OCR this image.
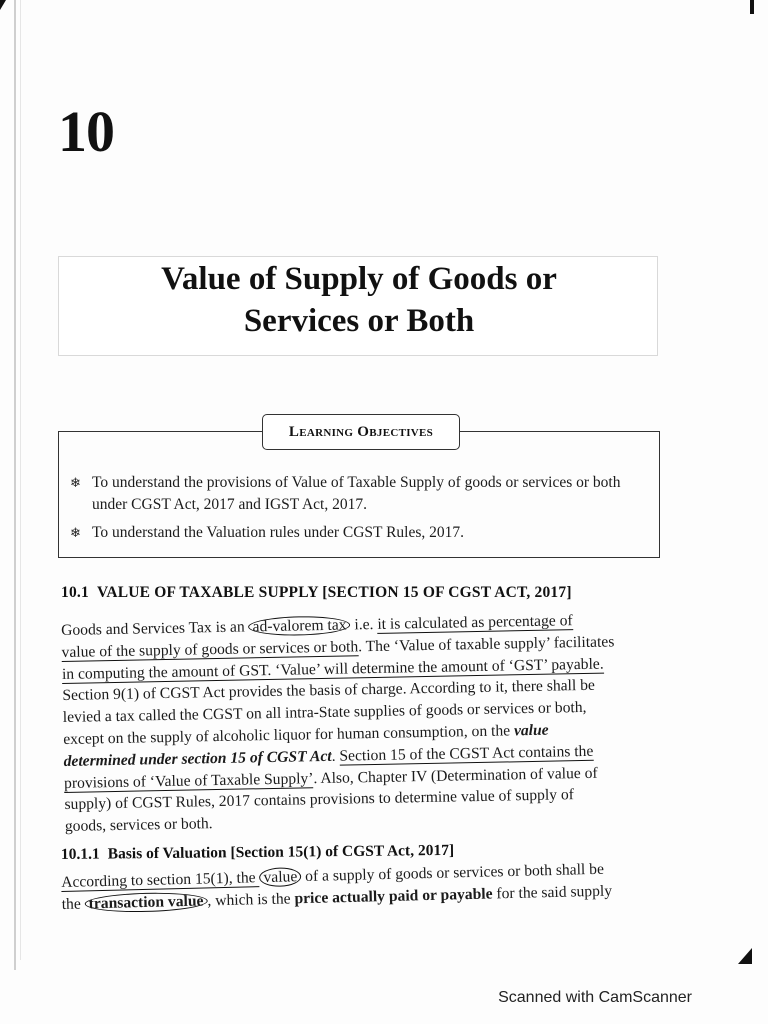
10
Value of Supply of Goods or
Services or Both
Learning Objectives
❄ To understand the provisions of Value of Taxable Supply of goods or services or both under CGST Act, 2017 and IGST Act, 2017.
❄ To understand the Valuation rules under CGST Rules, 2017.
10.1 VALUE OF TAXABLE SUPPLY [SECTION 15 OF CGST ACT, 2017]
Goods and Services Tax is an ad-valorem tax i.e. it is calculated as percentage of
value of the supply of goods or services or both. The ‘Value of taxable supply’ facilitates
in computing the amount of GST. ‘Value’ will determine the amount of ‘GST’ payable.
Section 9(1) of CGST Act provides the basis of charge. According to it, there shall be
levied a tax called the CGST on all intra-State supplies of goods or services or both,
except on the supply of alcoholic liquor for human consumption, on the value
determined under section 15 of CGST Act. Section 15 of the CGST Act contains the
provisions of ‘Value of Taxable Supply’. Also, Chapter IV (Determination of value of
supply) of CGST Rules, 2017 contains provisions to determine value of supply of
goods, services or both.
10.1.1 Basis of Valuation [Section 15(1) of CGST Act, 2017]
According to section 15(1), the value of a supply of goods or services or both shall be
the transaction value , which is the price actually paid or payable for the said supply
Scanned with CamScanner
